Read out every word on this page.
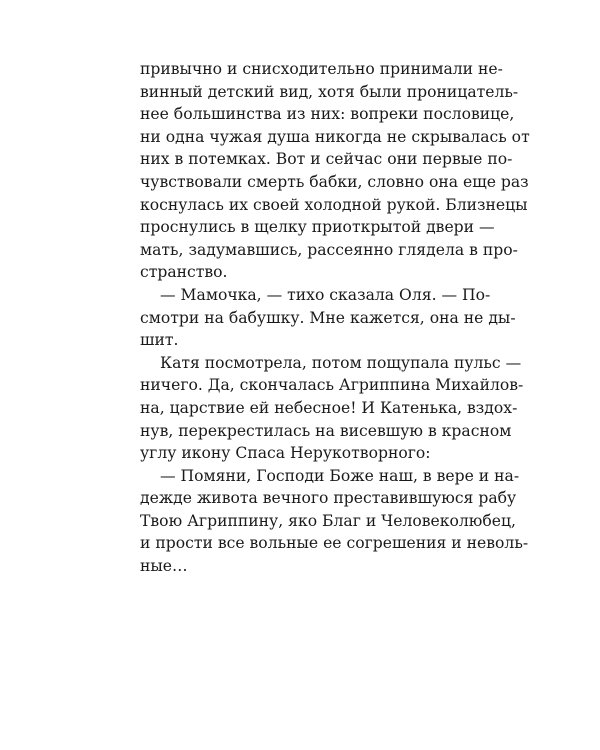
привычно и снисходительно принимали не-
винный детский вид, хотя были проницатель-
нее большинства из них: вопреки пословице,
ни одна чужая душа никогда не скрывалась от
них в потемках. Вот и сейчас они первые по-
чувствовали смерть бабки, словно она еще раз
коснулась их своей холодной рукой. Близнецы
проснулись в щелку приоткрытой двери —
мать, задумавшись, рассеянно глядела в про-
странство.
— Мамочка, — тихо сказала Оля. — По-
смотри на бабушку. Мне кажется, она не ды-
шит.
Катя посмотрела, потом пощупала пульс —
ничего. Да, скончалась Агриппина Михайлов-
на, царствие ей небесное! И Катенька, вздох-
нув, перекрестилась на висевшую в красном
углу икону Спаса Нерукотворного:
— Помяни, Господи Боже наш, в вере и на-
дежде живота вечного преставившуюся рабу
Твою Агриппину, яко Благ и Человеколюбец,
и прости все вольные ее согрешения и неволь-
ные…
